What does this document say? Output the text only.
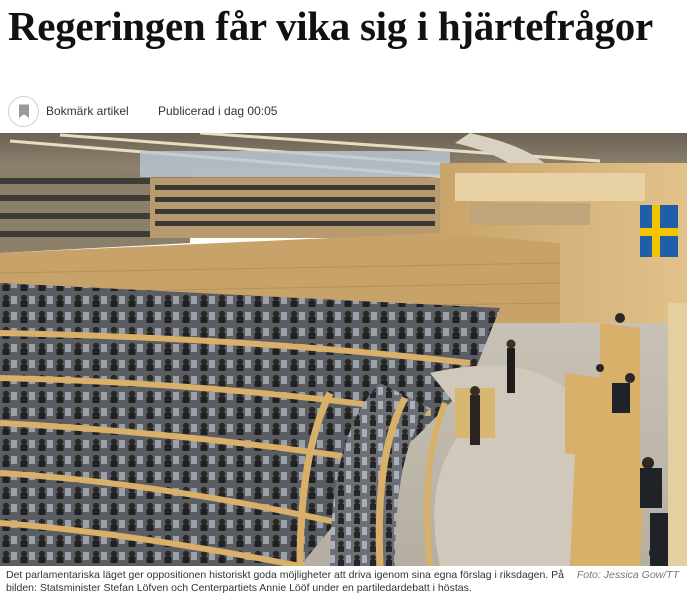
Regeringen får vika sig i hjärtefrågor
Bokmärk artikel Publicerad i dag 00:05

Det parlamentariska läget ger oppositionen historiskt goda möjligheter att driva igenom sina egna förslag i riksdagen. På bilden: Statsminister Stefan Löfven och Centerpartiets Annie Lööf under en partiledardebatt i höstas.

Foto: Jessica Gow/TT
